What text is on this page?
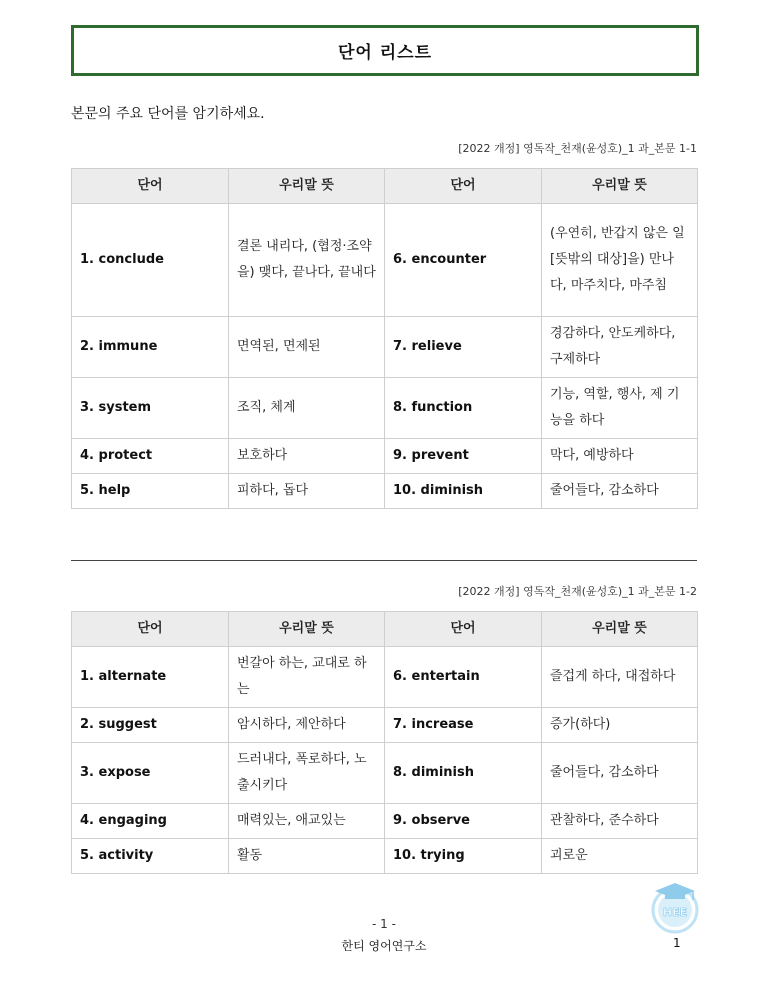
단어 리스트
본문의 주요 단어를 암기하세요.
[2022 개정] 영독작_천재(윤성호)_1 과_본문 1-1
단어	우리말 뜻	단어	우리말 뜻
1. conclude	결론 내리다, (협정·조약을) 맺다, 끝나다, 끝내다	6. encounter	(우연히, 반갑지 않은 일[뜻밖의 대상]을) 만나다, 마주치다, 마주침
2. immune	면역된, 면제된	7. relieve	경감하다, 안도케하다, 구제하다
3. system	조직, 체계	8. function	기능, 역할, 행사, 제 기능을 하다
4. protect	보호하다	9. prevent	막다, 예방하다
5. help	피하다, 돕다	10. diminish	줄어들다, 감소하다
[2022 개정] 영독작_천재(윤성호)_1 과_본문 1-2
단어	우리말 뜻	단어	우리말 뜻
1. alternate	번갈아 하는, 교대로 하는	6. entertain	즐겁게 하다, 대접하다
2. suggest	암시하다, 제안하다	7. increase	증가(하다)
3. expose	드러내다, 폭로하다, 노출시키다	8. diminish	줄어들다, 감소하다
4. engaging	매력있는, 애교있는	9. observe	관찰하다, 준수하다
5. activity	활동	10. trying	괴로운
HEE
- 1 -
한티 영어연구소	1
